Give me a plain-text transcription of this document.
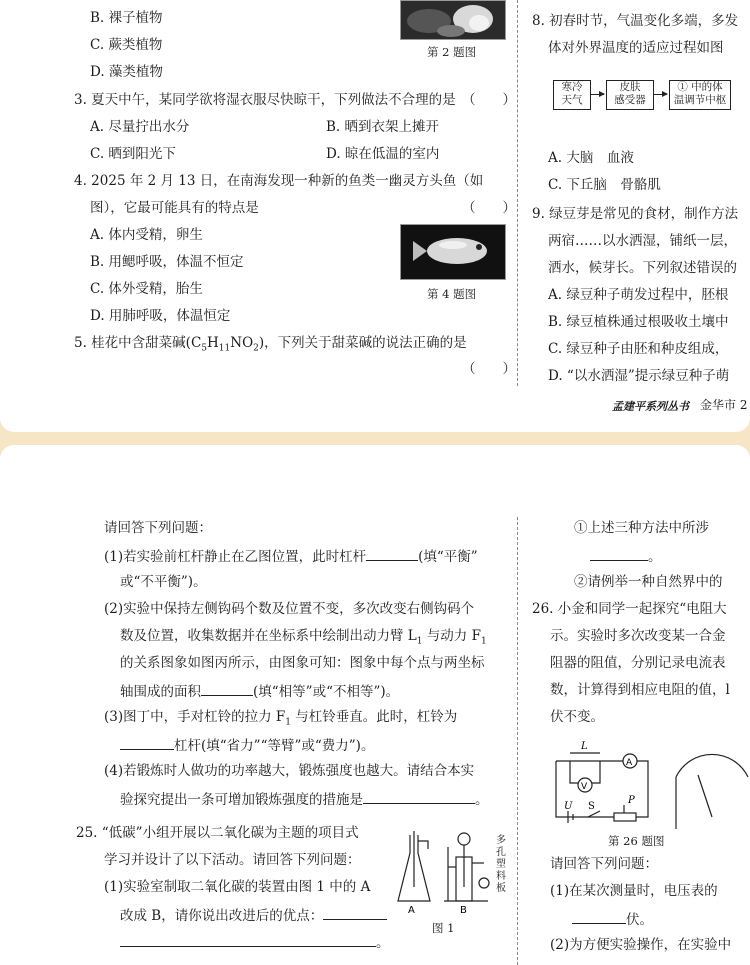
B. 裸子植物
C. 蕨类植物
D. 藻类植物
第 2 题图
3. 夏天中午，某同学欲将湿衣服尽快晾干，下列做法不合理的是 （　　）
A. 尽量拧出水分	B. 晒到衣架上摊开
C. 晒到阳光下	D. 晾在低温的室内
4. 2025 年 2 月 13 日，在南海发现一种新的鱼类一幽灵方头鱼（如
图），它最可能具有的特点是	（　　）
A. 体内受精，卵生
B. 用鳃呼吸，体温不恒定
C. 体外受精，胎生
D. 用肺呼吸，体温恒定
第 4 题图
5. 桂花中含甜菜碱$(C_5H_{11}NO_2)$，下列关于甜菜碱的说法正确的是
（　　）
8. 初春时节，气温变化多端，多发
体对外界温度的适应过程如图
寒冷
天气
皮肤
感受器
① 中的体
温调节中枢
A. 大脑　血液
C. 下丘脑　骨骼肌
9. 绿豆芽是常见的食材，制作方法
两宿……以水洒湿，铺纸一层，
洒水，候芽长。下列叙述错误的
A. 绿豆种子萌发过程中，胚根
B. 绿豆植株通过根吸收土壤中
C. 绿豆种子由胚和种皮组成，
D. “以水洒湿”提示绿豆种子萌
孟建平系列丛书 金华市 2
请回答下列问题：
(1)若实验前杠杆静止在乙图位置，此时杠杆	(填“平衡”
或“不平衡”)。
(2)实验中保持左侧钩码个数及位置不变，多次改变右侧钩码个
数及位置，收集数据并在坐标系中绘制出动力臂 $L_1$ 与动力 $F_1$
的关系图象如图丙所示，由图象可知：图象中每个点与两坐标
轴围成的面积	(填“相等”或“不相等”)。
(3)图丁中，手对杠铃的拉力 $F_1$ 与杠铃垂直。此时，杠铃为
杠杆(填“省力”“等臂”或“费力”)。
(4)若锻炼时人做功的功率越大，锻炼强度也越大。请结合本实
验探究提出一条可增加锻炼强度的措施是	。
25. “低碳”小组开展以二氧化碳为主题的项目式
学习并设计了以下活动。请回答下列问题：
(1)实验室制取二氧化碳的装置由图 1 中的 A
改成 B，请你说出改进后的优点：
。
A	B
多
孔
塑
料
板
图 1
①上述三种方法中所涉
。
②请例举一种自然界中的
26. 小金和同学一起探究“电阻大
示。实验时多次改变某一合金
阻器的阻值，分别记录电流表
数，计算得到相应电阻的值，l
伏不变。
L
A
V
U S
P
第 26 题图
请回答下列问题：
(1)在某次测量时，电压表的
伏。
(2)为方便实验操作，在实验中
